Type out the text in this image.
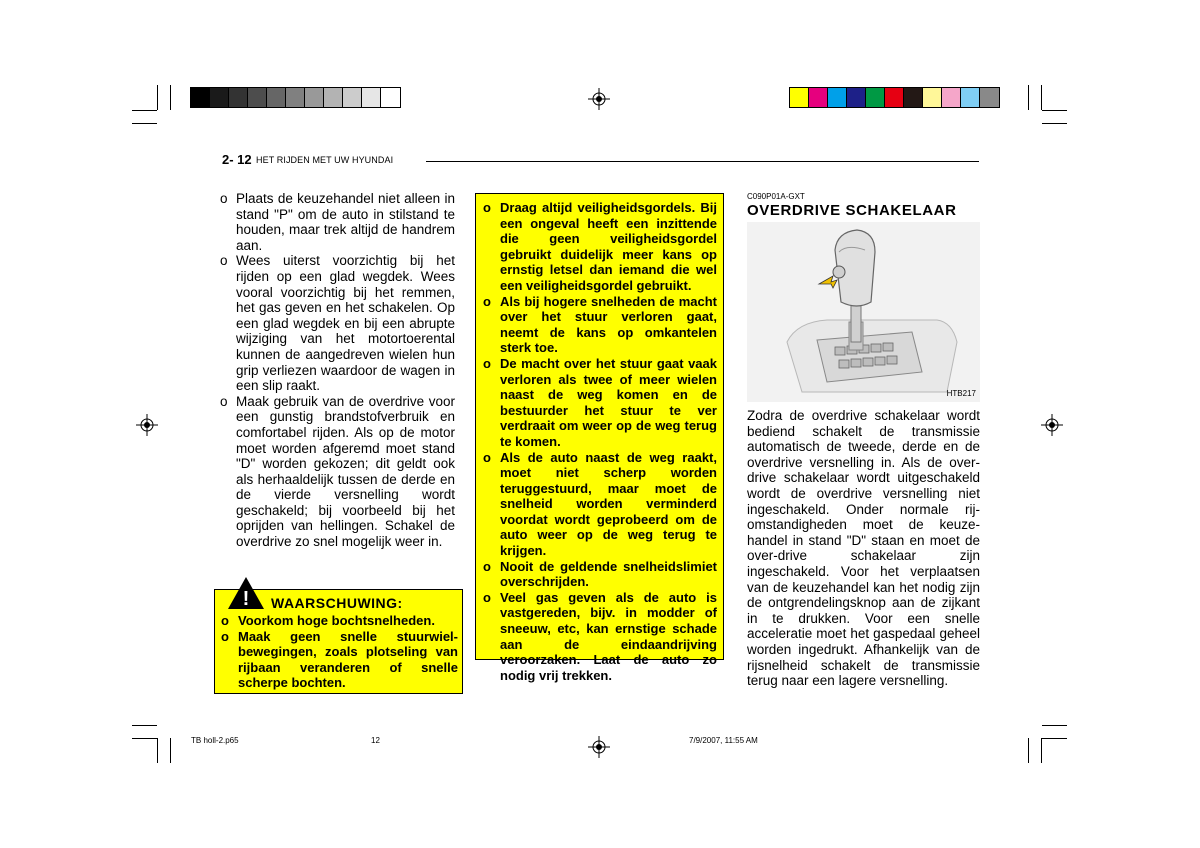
2- 12 HET RIJDEN MET UW HYUNDAI
o Plaats de keuzehandel niet alleen in stand "P" om de auto in stilstand te houden, maar trek altijd de handrem aan.
o Wees uiterst voorzichtig bij het rijden op een glad wegdek. Wees vooral voorzichtig bij het remmen, het gas geven en het schakelen. Op een glad wegdek en bij een abrupte wijziging van het motortoerental kunnen de aangedreven wielen hun grip verliezen waardoor de wagen in een slip raakt.
o Maak gebruik van de overdrive voor een gunstig brandstofverbruik en comfortabel rijden. Als op de motor moet worden afgeremd moet stand "D" worden gekozen; dit geldt ook als herhaaldelijk tussen de derde en de vierde versnelling wordt geschakeld; bij voorbeeld bij het oprijden van hellingen. Schakel de overdrive zo snel mogelijk weer in.
! WAARSCHUWING:
o Voorkom hoge bochtsnelheden.
o Maak geen snelle stuurwiel-bewegingen, zoals plotseling van rijbaan veranderen of snelle scherpe bochten.
o Draag altijd veiligheidsgordels. Bij een ongeval heeft een inzittende die geen veiligheidsgordel gebruikt duidelijk meer kans op ernstig letsel dan iemand die wel een veiligheidsgordel gebruikt.
o Als bij hogere snelheden de macht over het stuur verloren gaat, neemt de kans op omkantelen sterk toe.
o De macht over het stuur gaat vaak verloren als twee of meer wielen naast de weg komen en de bestuurder het stuur te ver verdraait om weer op de weg terug te komen.
o Als de auto naast de weg raakt, moet niet scherp worden teruggestuurd, maar moet de snelheid worden verminderd voordat wordt geprobeerd om de auto weer op de weg terug te krijgen.
o Nooit de geldende snelheidslimiet overschrijden.
o Veel gas geven als de auto is vastgereden, bijv. in modder of sneeuw, etc, kan ernstige schade aan de eindaandrijving veroorzaken. Laat de auto zo nodig vrij trekken.
C090P01A-GXT
OVERDRIVE SCHAKELAAR
HTB217
Zodra de overdrive schakelaar wordt bediend schakelt de transmissie automatisch de tweede, derde en de overdrive versnelling in. Als de over-drive schakelaar wordt uitgeschakeld wordt de overdrive versnelling niet ingeschakeld. Onder normale rij-omstandigheden moet de keuze-handel in stand "D" staan en moet de over-drive schakelaar zijn ingeschakeld. Voor het verplaatsen van de keuzehandel kan het nodig zijn de ontgrendelingsknop aan de zijkant in te drukken. Voor een snelle acceleratie moet het gaspedaal geheel worden ingedrukt. Afhankelijk van de rijsnelheid schakelt de transmissie terug naar een lagere versnelling.
TB holl-2.p65	12	7/9/2007, 11:55 AM
